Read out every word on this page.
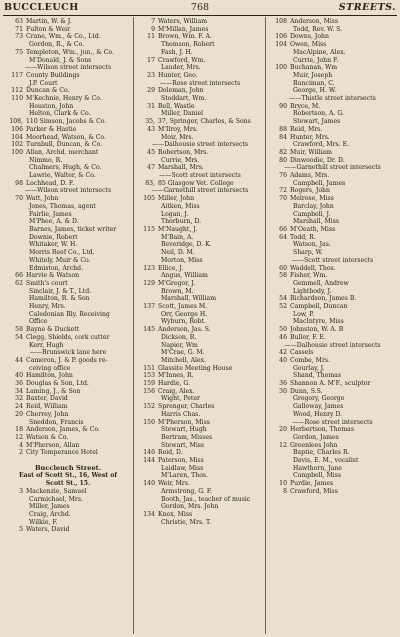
BUCCLEUCH	768	STREETS.
63 Martin, W. & J.
71 Fulton & Weir
73 Crane, Wm., & Co., Ltd.
Gordon, R., & Co.
75 Templeton, Wm., jun., & Co.
M'Donald, J. & Sons
——Wilson street intersects
117 County Buildings
J.P. Court
112 Duncan & Co.
110 M'Kechnie, Henry & Co.
Houston, John
Helton, Clark & Co.
108, 110 Simson, Jacobs & Co.
106 Parker & Hastie
104 Moorhead, Watson, & Co.
102 Turnbull, Duncan, & Co.
100 Allan, Archd. merchant
Nimmo, R.
Chalmers, Hugh, & Co.
Lawrie, Walter, & Co.
98 Lochhead, D. F.
——Wilson street intersects
70 Watt, John
Jones, Thomas, agent
Fairlie, James
M'Phee, A. & D.
Barnes, James, ticket writer
Downie, Robert
Whitaker, W. H.
Morris Reef Co., Ltd.
Whitely, Muir & Co.
Edmiston, Archd.
66 Harvie & Watson
62 Smith's court
Sinclair, J. & T., Ltd.
Hamilton, R. & Son
Henry, Mrs.
Caledonian Rly. Receiving
Office
58 Bayne & Duckett
54 Clegg, Shields, cork cutter
Kerr, Hugh
——Brunswick lane here
44 Cameron, J. & P. goods re-
ceiving office
40 Hamilton, John
36 Douglas & Son, Ltd.
34 Laming, J., & Son
32 Baxter, David
24 Reid, William
20 Cherrey, John
Sneddon, Francis
18 Anderson, James, & Co.
12 Watson & Co.
4 M'Pherson, Allan
2 City Temperance Hotel

Buccleuch Street.
East of Scott St., 16, West of
Scott St., 15.
3 Mackenzie, Samuel
Carmichael, Mrs.
Miller, James
Craig, Archd.
Wilkie, F.
5 Waters, David
7 Waters, William
9 M'Millan, James
11 Brown, Wm. F. A.
Thomson, Robert
Fash, J. H.
17 Crawford, Wm.
Lauder, Mrs.
23 Hunter, Geo.
——Rose street intersects
29 Doleman, John
Stoddart, Wm.
31 Bell, Wastle
Miller, Daniel
35, 37, Springer, Charles, & Sons
43 M'Ilroy, Mrs.
Moir, Mrs.
——Dalhousie street intersects
45 Robertson, Mrs.
Currie, Mrs.
47 Marshall, Mrs.
——Scott street intersects
83, 85 Glasgow Vet. College
——Garnethill street intersects
105 Miller, John
Aitken, Miss
Logan, J.
Thorburn, D.
115 M'Naught, J.
M'Bain, A.
Beveridge, D. K.
Neil, D. M.
Morton, Miss
123 Ellice, J.
Angus, William
129 M'Gregor, J.
Brown, M.
Marshall, William
137 Scott, James M.
Orr, George H.
Wyburn, Robt.
145 Anderson, Jas. S.
Dickson, R.
Napier, Wm
M'Crae, G. M.
Mitchell, Alex.
151 Glassite Meeting House
153 M'Innes, R.
159 Hardie, G.
156 Craig, Alex.
Wight, Peter
152 Sprenger, Charles
Harris Chas.
150 M'Pherson, Miss
Stewart, Hugh
Bertram, Misses
Stewart, Miss
146 Reid, D.
144 Paterson, Miss
Laidlaw, Miss
M'Laren, Thos.
140 Weir, Mrs.
Armstrong, G. F.
Booth, Jas., teacher of music
Gordon, Mrs. John
134 Knox, Miss
Christie, Mrs. T.
108 Anderson, Miss
Todd, Rev. W. S.
106 Downs, John
104 Owen, Miss
MacAlpine, Alex.
Currie, John F.
100 Buchanan, Wm
Muir, Joseph
Runciman, C.
George, H. W.
——Thistle street intersects
90 Bryce, M.
Robertson, A. G.
Stewart, James
88 Reid, Mrs.
84 Hunter, Mrs.
Crawford, Mrs. E.
82 Muir, William
80 Dinwoodie, Dr. D.
——Garnethill street intersects
76 Adams, Mrs.
Campbell, James
72 Rogers, John
70 Melrose, Miss
Barclay, John
Campbell, J.
Marshall, Miss
66 M'Oeath, Miss
64 Todd, R.
Watson, Jas.
Sharp, W.
——Scott street intersects
60 Waddell, Thos.
58 Fisher, Wm.
Gemmell, Andrew
Lightbody, J.
54 Richardson, James B.
52 Campbell, Duncan
Low, P.
MacIntyre, Miss
50 Johnston, W. A. B
46 Buller, F. E.
——Dalhousie street intersects
42 Cassels
40 Combe, Mrs.
Gourlay, J.
Shand, Thomas
36 Shannon A. M'F., sculptor
30 Dunn, S.S.
Gregory, George
Galloway, James
Wood, Henry D.
——Rose street intersects
20 Herbertson, Thomas
Gordon, James
12 Greenlees John
Baptie, Charles R.
Davis, E. M., vocalist
Hawthorn, Jane
Campbell, Miss
10 Purdie, James
8 Crawford, Miss
